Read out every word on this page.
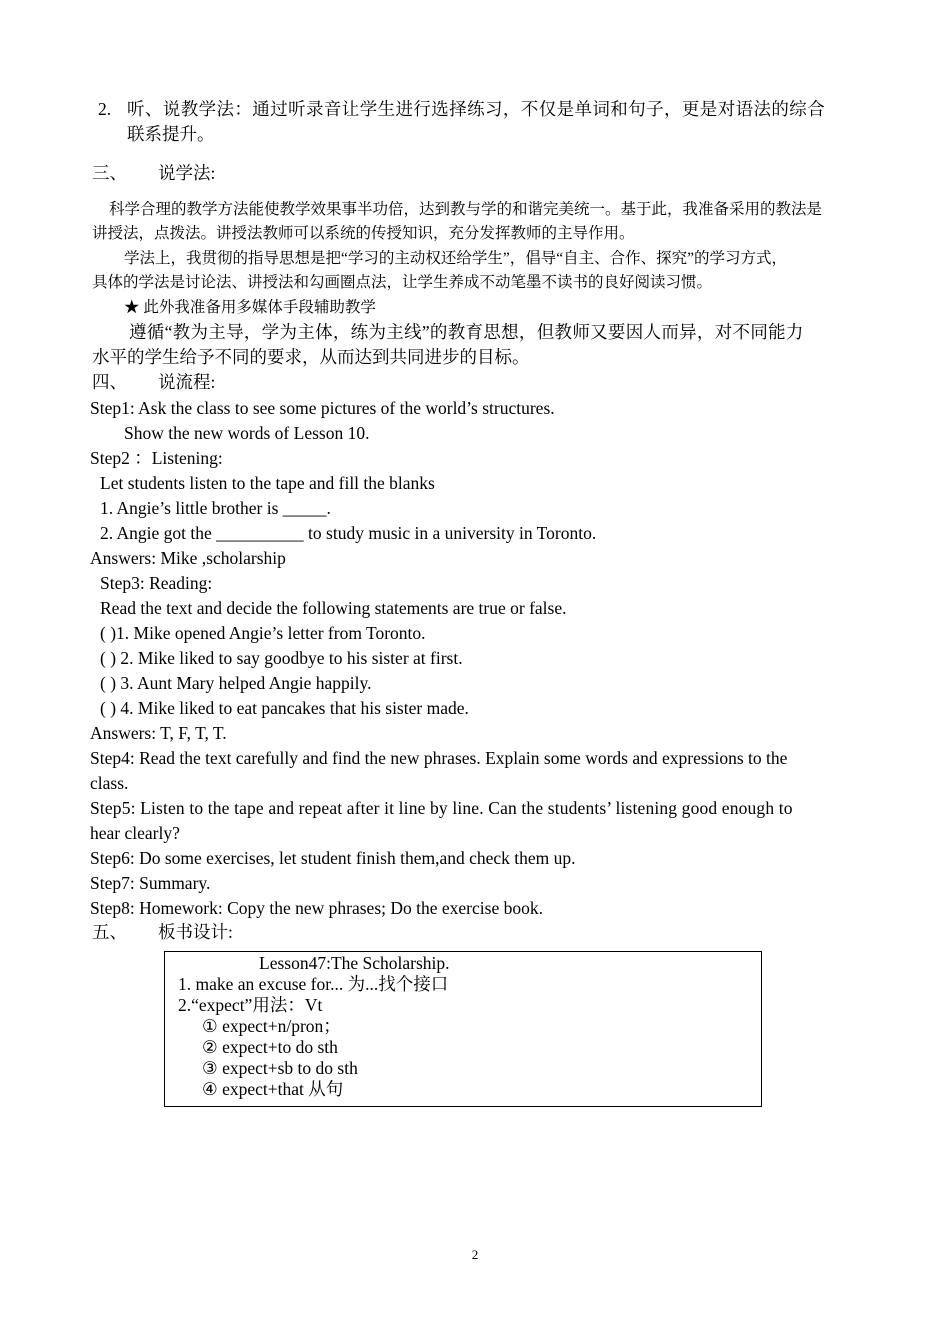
2. 听、说教学法：通过听录音让学生进行选择练习，不仅是单词和句子，更是对语法的综合
联系提升。
三、 说学法:
科学合理的教学方法能使教学效果事半功倍，达到教与学的和谐完美统一。基于此，我准备采用的教法是
讲授法，点拨法。讲授法教师可以系统的传授知识，充分发挥教师的主导作用。
学法上，我贯彻的指导思想是把“学习的主动权还给学生”，倡导“自主、合作、探究”的学习方式，
具体的学法是讨论法、讲授法和勾画圈点法，让学生养成不动笔墨不读书的良好阅读习惯。
★ 此外我准备用多媒体手段辅助教学
遵循“教为主导，学为主体，练为主线”的教育思想，但教师又要因人而异，对不同能力
水平的学生给予不同的要求，从而达到共同进步的目标。
四、 说流程:
Step1: Ask the class to see some pictures of the world’s structures.
Show the new words of Lesson 10.
Step2 ：Listening:
Let students listen to the tape and fill the blanks
1. Angie’s little brother is _____.
2. Angie got the __________ to study music in a university in Toronto.
Answers: Mike ,scholarship
Step3: Reading:
Read the text and decide the following statements are true or false.
( )1. Mike opened Angie’s letter from Toronto.
( ) 2. Mike liked to say goodbye to his sister at first.
( ) 3. Aunt Mary helped Angie happily.
( ) 4. Mike liked to eat pancakes that his sister made.
Answers: T, F, T, T.
Step4: Read the text carefully and find the new phrases. Explain some words and expressions to the
class.
Step5: Listen to the tape and repeat after it line by line. Can the students’ listening good enough to
hear clearly?
Step6: Do some exercises, let student finish them,and check them up.
Step7: Summary.
Step8: Homework: Copy the new phrases; Do the exercise book.
五、 板书设计:
Lesson47:The Scholarship.
1. make an excuse for... 为...找个接口
2.“expect”用法：Vt
① expect+n/pron；
② expect+to do sth
③ expect+sb to do sth
④ expect+that 从句
2
